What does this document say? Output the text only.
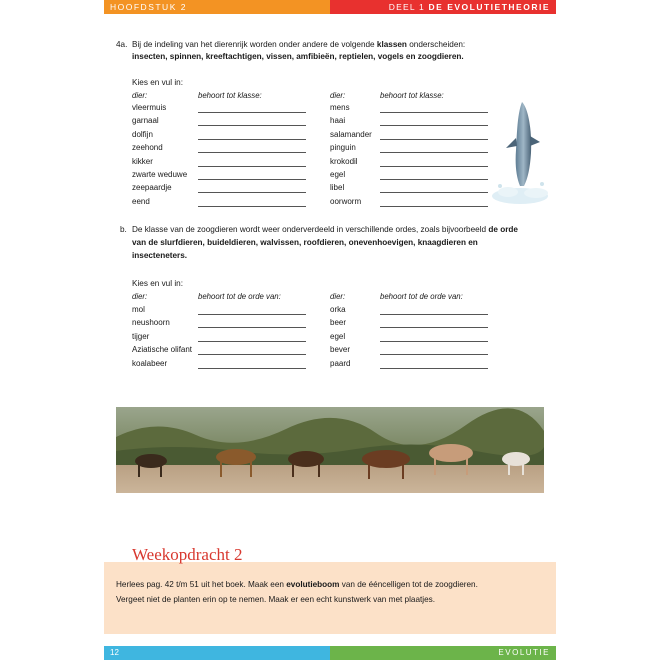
HOOFDSTUK 2	DEEL 1 DE EVOLUTIETHEORIE
4a. Bij de indeling van het dierenrijk worden onder andere de volgende klassen onderscheiden:
insecten, spinnen, kreeftachtigen, vissen, amfibieën, reptielen, vogels en zoogdieren.
Kies en vul in:
dier:	behoort tot klasse:	dier:	behoort tot klasse:
vleermuis	mens
garnaal	haai
dolfijn	salamander
zeehond	pinguin
kikker	krokodil
zwarte weduwe	egel
zeepaardje	libel
eend	oorworm
b. De klasse van de zoogdieren wordt weer onderverdeeld in verschillende ordes, zoals bijvoorbeeld de orde
van de slurfdieren, buideldieren, walvissen, roofdieren, onevenhoevigen, knaagdieren en
insecteneters.
Kies en vul in:
dier:	behoort tot de orde van:	dier:	behoort tot de orde van:
mol	orka
neushoorn	beer
tijger	egel
Aziatische olifant	bever
koalabeer	paard
Weekopdracht 2
Herlees pag. 42 t/m 51 uit het boek. Maak een evolutieboom van de ééncelligen tot de zoogdieren.
Vergeet niet de planten erin op te nemen. Maak er een echt kunstwerk van met plaatjes.
12	EVOLUTIE
